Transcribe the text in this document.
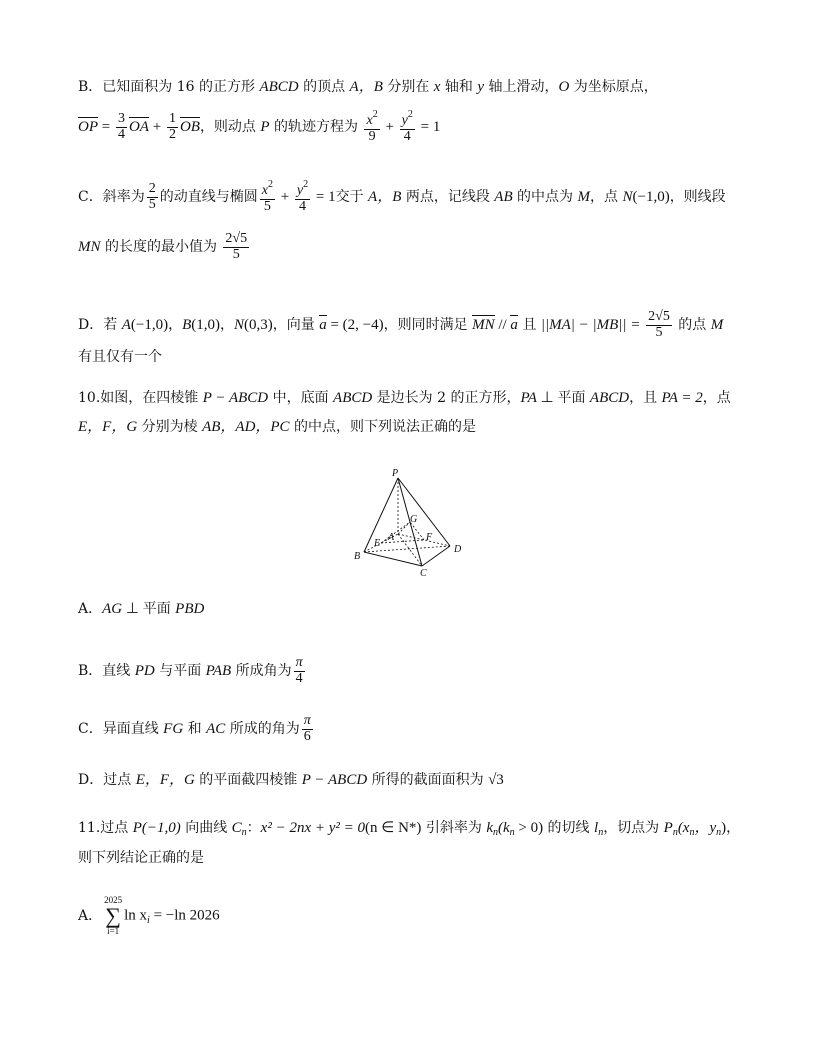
B．已知面积为 16 的正方形 ABCD 的顶点 A，B 分别在 x 轴和 y 轴上滑动，O 为坐标原点，
OP = $\frac{3}{4}$ OA + $\frac{1}{2}$ OB，则动点 P 的轨迹方程为 $\frac{x^2}{9} + \frac{y^2}{4} = 1$
C．斜率为 $\frac{2}{5}$ 的动直线与椭圆 $\frac{x^2}{5} + \frac{y^2}{4} = 1$交于 A，B 两点，记线段 AB 的中点为 M，点 N(−1,0)，则线段
MN 的长度的最小值为 $\frac{2√5}{5}$
D．若 A(−1,0)，B(1,0)，N(0,3)，向量 a = (2, −4)，则同时满足 MN // a 且 $||MA| - |MB|| = \frac{2√5}{5}$ 的点 M
有且仅有一个
10.如图，在四棱锥 P − ABCD 中，底面 ABCD 是边长为 2 的正方形，PA ⊥ 平面 ABCD，且 PA = 2，点
E，F，G 分别为棱 AB，AD，PC 的中点，则下列说法正确的是
P
G
A
E
F
B
D
C
A．AG ⊥ 平面 PBD
B．直线 PD 与平面 PAB 所成角为 $\frac{\pi}{4}$
C．异面直线 FG 和 AC 所成的角为 $\frac{\pi}{6}$
D．过点 E，F，G 的平面截四棱锥 P − ABCD 所得的截面面积为 √3
11.过点 P(−1,0) 向曲线 $C_n$：x² − 2nx + y² = 0(n ∈ N*) 引斜率为 $k_n(k_n > 0)$ 的切线 $l_n$，切点为 $P_n(x_n$，$y_n$)，
则下列结论正确的是
A．
2025
∑
i=1
$\ln x_i = -\ln$ 2026
